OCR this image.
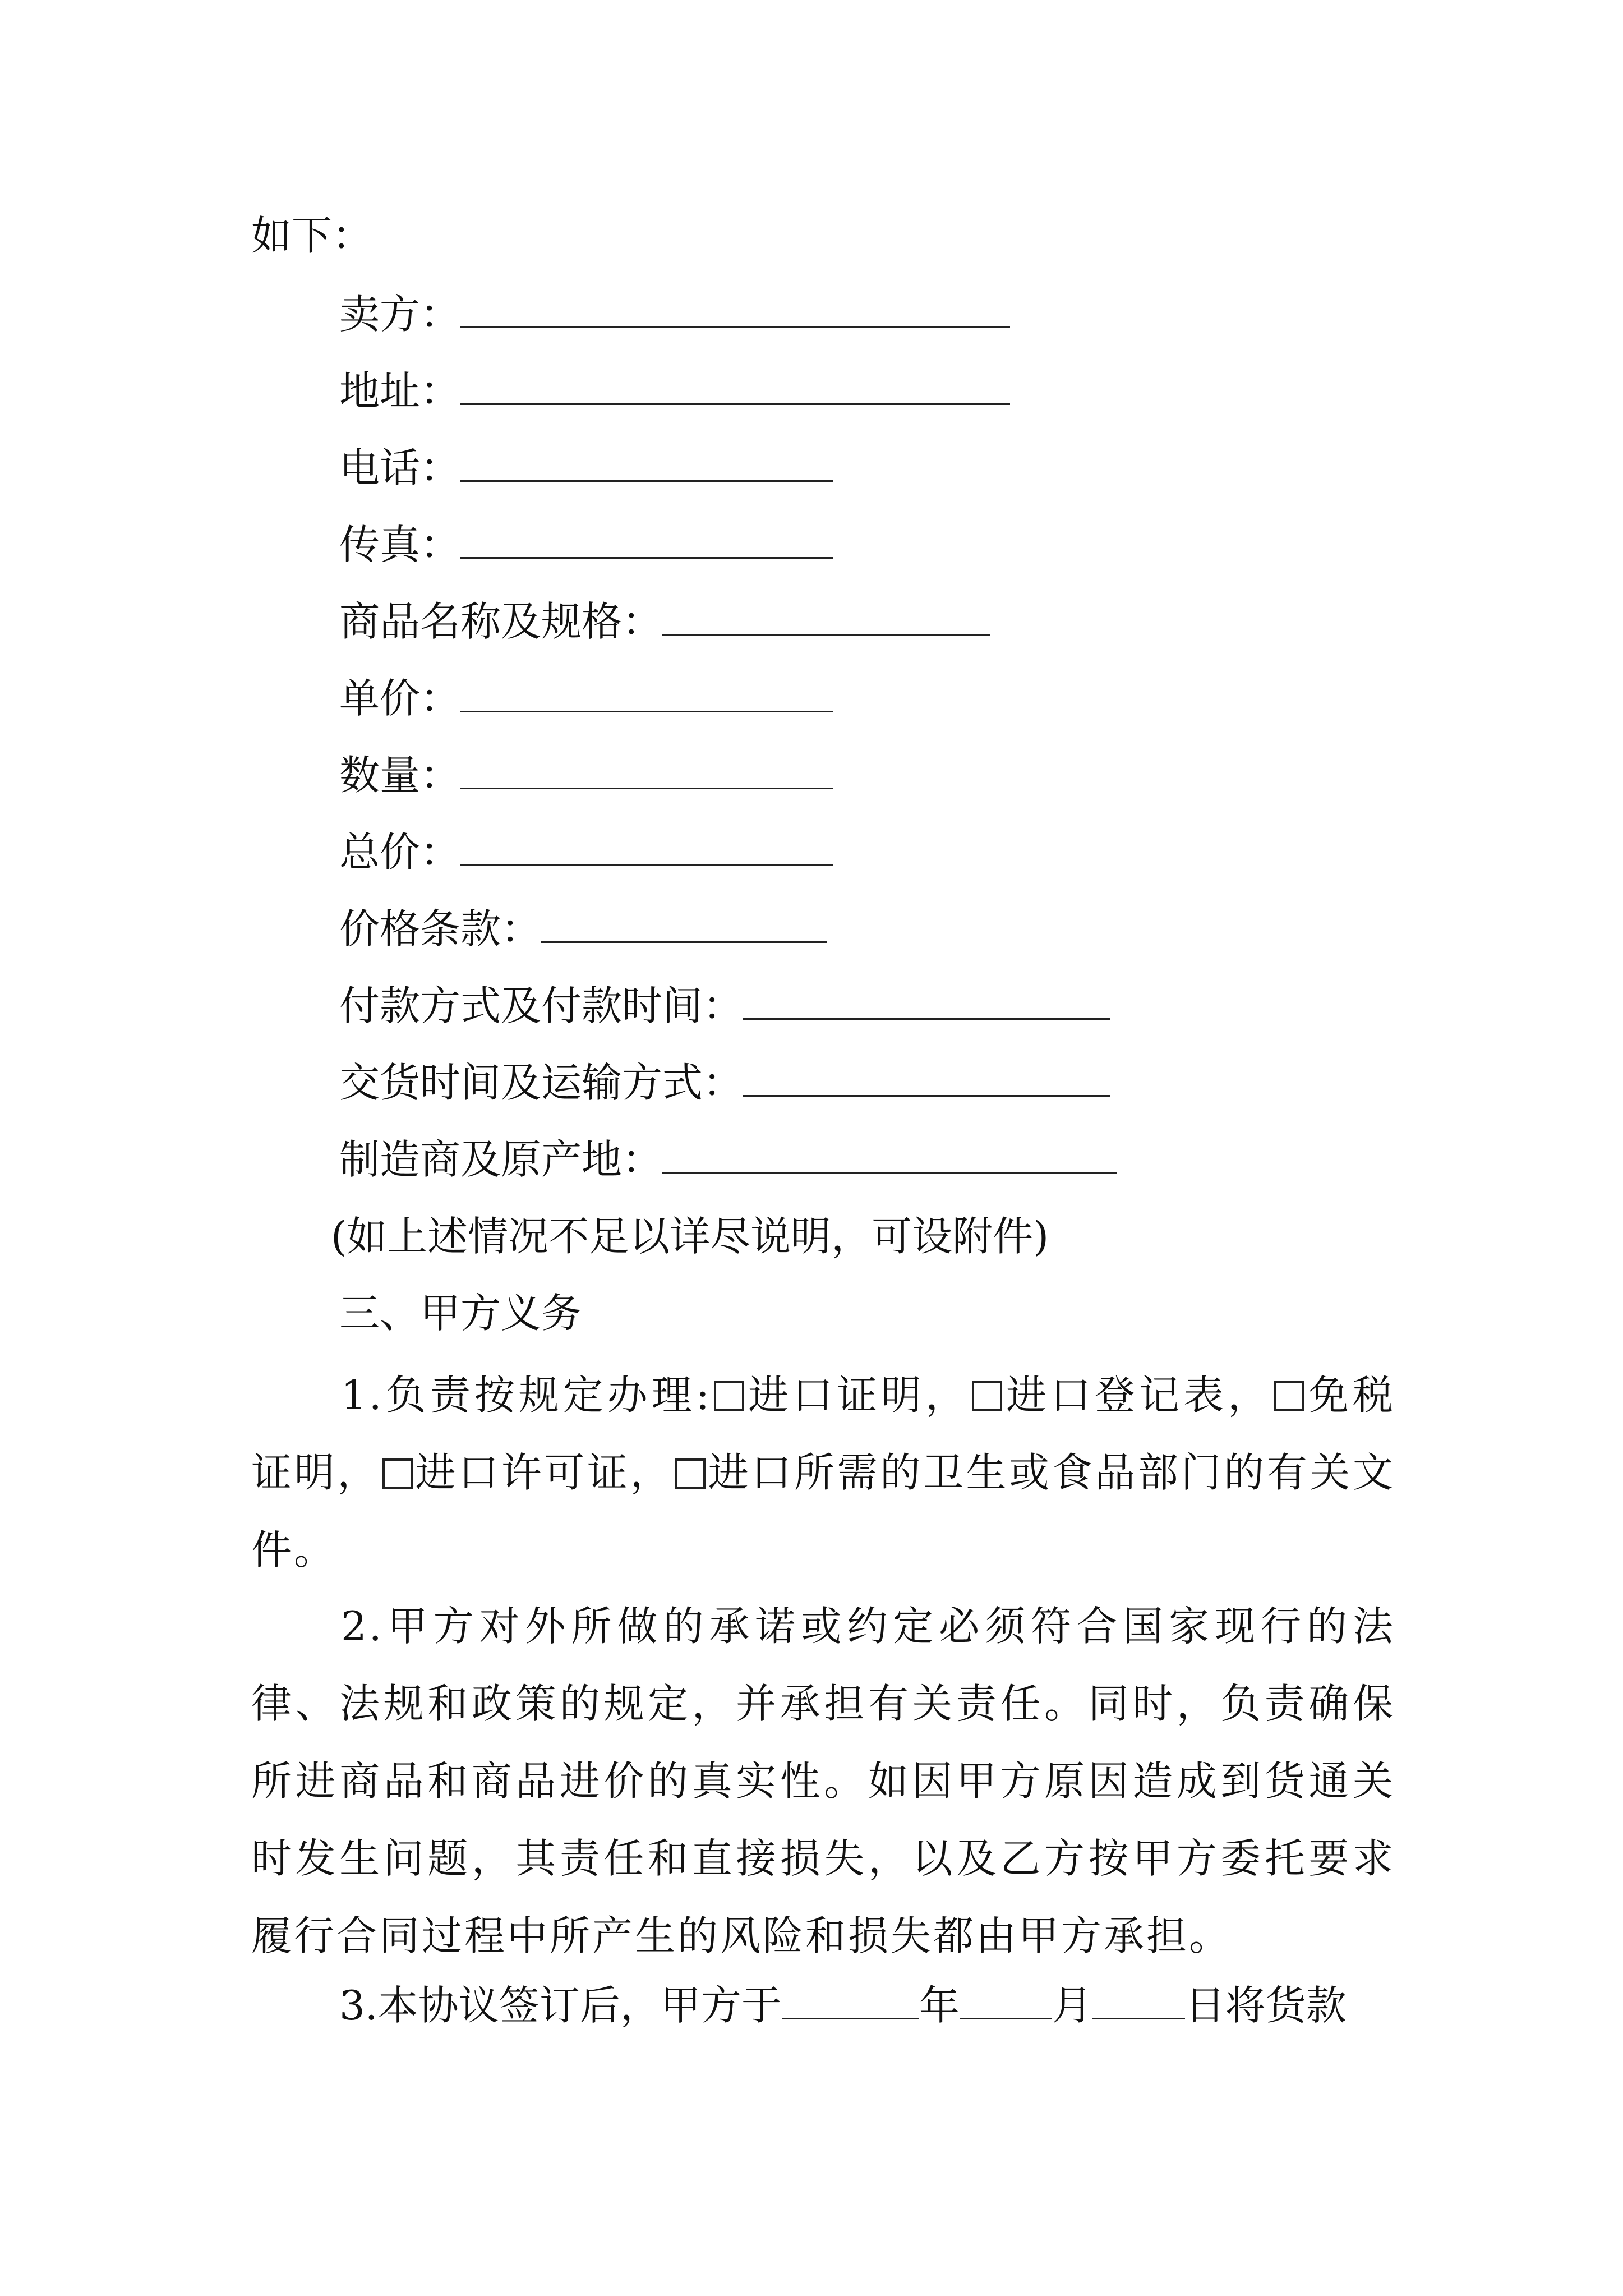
如下：
卖方：
地址：
电话：
传真：
商品名称及规格：
单价：
数量：
总价：
价格条款：
付款方式及付款时间：
交货时间及运输方式：
制造商及原产地：
(如上述情况不足以详尽说明，可设附件)
三、甲方义务
1.负责按规定办理: 进口证明， 进口登记表， 免税证明， 进口许可证， 进口所需的卫生或食品部门的有关文件。
2.甲方对外所做的承诺或约定必须符合国家现行的法律、法规和政策的规定，并承担有关责任。同时，负责确保所进商品和商品进价的真实性。如因甲方原因造成到货通关时发生问题，其责任和直接损失，以及乙方按甲方委托要求履行合同过程中所产生的风险和损失都由甲方承担。
3.本协议签订后，甲方于	年 月 日将货款
